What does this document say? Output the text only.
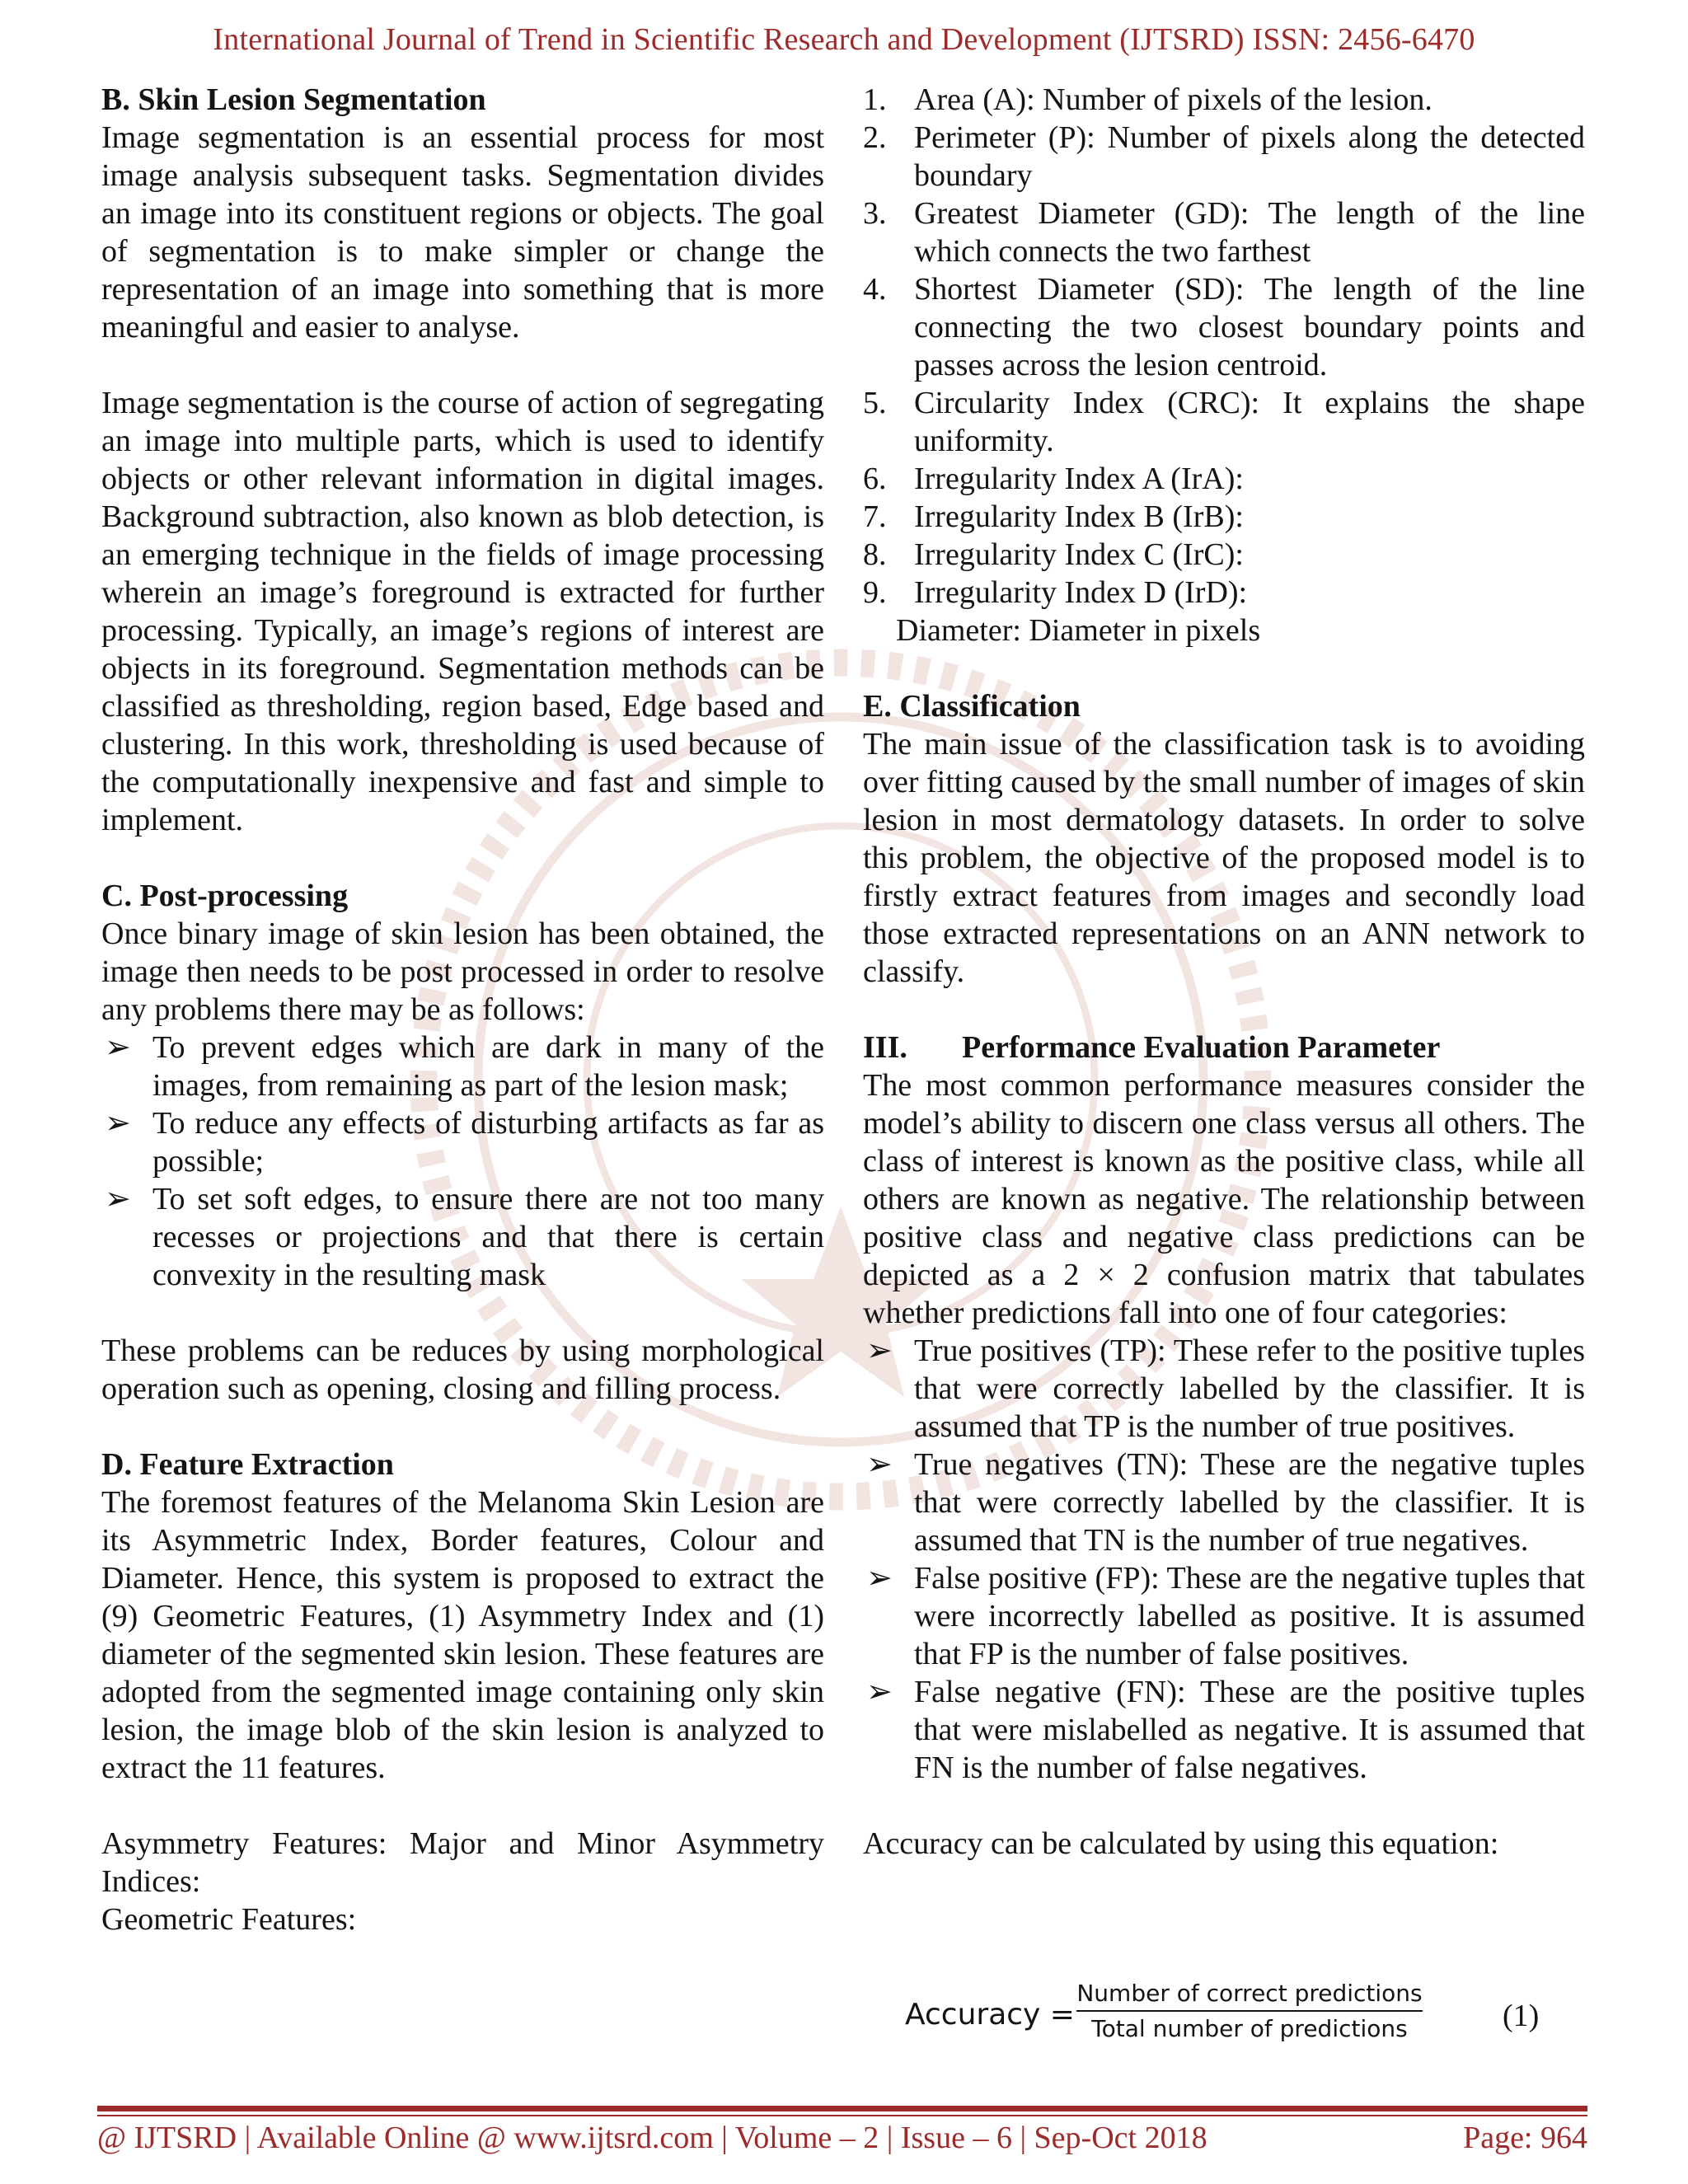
International Journal of Trend in Scientific Research and Development (IJTSRD) ISSN: 2456-6470
B. Skin Lesion Segmentation

Image segmentation is an essential process for most image analysis subsequent tasks. Segmentation divides an image into its constituent regions or objects. The goal of segmentation is to make simpler or change the representation of an image into something that is more meaningful and easier to analyse.

Image segmentation is the course of action of segregating an image into multiple parts, which is used to identify objects or other relevant information in digital images. Background subtraction, also known as blob detection, is an emerging technique in the fields of image processing wherein an image’s foreground is extracted for further processing. Typically, an image’s regions of interest are objects in its foreground. Segmentation methods can be classified as thresholding, region based, Edge based and clustering. In this work, thresholding is used because of the computationally inexpensive and fast and simple to implement.

C. Post-processing

Once binary image of skin lesion has been obtained, the image then needs to be post processed in order to resolve any problems there may be as follows:

➢ To prevent edges which are dark in many of the images, from remaining as part of the lesion mask;
➢ To reduce any effects of disturbing artifacts as far as possible;
➢ To set soft edges, to ensure there are not too many recesses or projections and that there is certain convexity in the resulting mask

These problems can be reduces by using morphological operation such as opening, closing and filling process.

D. Feature Extraction

The foremost features of the Melanoma Skin Lesion are its Asymmetric Index, Border features, Colour and Diameter. Hence, this system is proposed to extract the (9) Geometric Features, (1) Asymmetry Index and (1) diameter of the segmented skin lesion. These features are adopted from the segmented image containing only skin lesion, the image blob of the skin lesion is analyzed to extract the 11 features.

Asymmetry Features: Major and Minor Asymmetry Indices:

Geometric Features:

1. Area (A): Number of pixels of the lesion.
2. Perimeter (P): Number of pixels along the detected boundary
3. Greatest Diameter (GD): The length of the line which connects the two farthest
4. Shortest Diameter (SD): The length of the line connecting the two closest boundary points and passes across the lesion centroid.
5. Circularity Index (CRC): It explains the shape uniformity.
6. Irregularity Index A (IrA):
7. Irregularity Index B (IrB):
8. Irregularity Index C (IrC):
9. Irregularity Index D (IrD):

Diameter: Diameter in pixels

E. Classification

The main issue of the classification task is to avoiding over fitting caused by the small number of images of skin lesion in most dermatology datasets. In order to solve this problem, the objective of the proposed model is to firstly extract features from images and secondly load those extracted representations on an ANN network to classify.

III. Performance Evaluation Parameter

The most common performance measures consider the model’s ability to discern one class versus all others. The class of interest is known as the positive class, while all others are known as negative. The relationship between positive class and negative class predictions can be depicted as a 2 × 2 confusion matrix that tabulates whether predictions fall into one of four categories:

➢ True positives (TP): These refer to the positive tuples that were correctly labelled by the classifier. It is assumed that TP is the number of true positives.
➢ True negatives (TN): These are the negative tuples that were correctly labelled by the classifier. It is assumed that TN is the number of true negatives.
➢ False positive (FP): These are the negative tuples that were incorrectly labelled as positive. It is assumed that FP is the number of false positives.
➢ False negative (FN): These are the positive tuples that were mislabelled as negative. It is assumed that FN is the number of false negatives.

Accuracy can be calculated by using this equation:

Accuracy =
Number of correct predictions
Total number of predictions	(1)
@ IJTSRD | Available Online @ www.ijtsrd.com | Volume – 2 | Issue – 6 | Sep-Oct 2018	Page: 964
